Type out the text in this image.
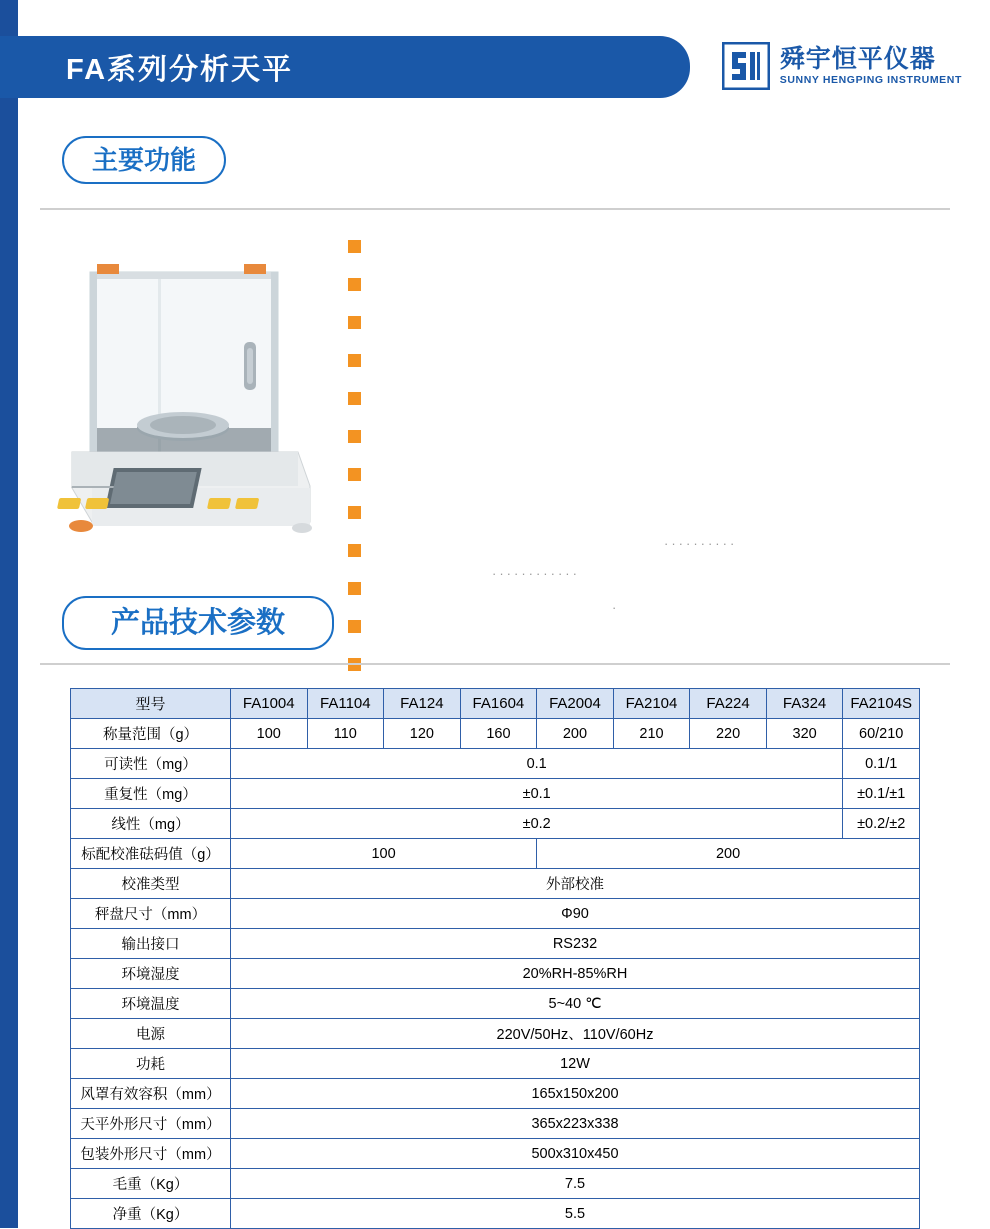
FA系列分析天平	舜宇恒平仪器
SUNNY HENGPING INSTRUMENT
主要功能
··········
············
·
产品技术参数
型号	FA1004	FA1104	FA124	FA1604	FA2004	FA2104	FA224	FA324	FA2104S
称量范围（g）	100	110	120	160	200	210	220	320	60/210
可读性（mg）	0.1								0.1/1
重复性（mg）	±0.1								±0.1/±1
线性（mg）	±0.2								±0.2/±2
标配校准砝码值（g）	100				200				
校准类型	外部校准								
秤盘尺寸（mm）	Φ90								
输出接口	RS232								
环境湿度	20%RH-85%RH								
环境温度	5~40 ℃								
电源	220V/50Hz、110V/60Hz								
功耗	12W								
风罩有效容积（mm）	165x150x200								
天平外形尺寸（mm）	365x223x338								
包装外形尺寸（mm）	500x310x450								
毛重（Kg）	7.5								
净重（Kg）	5.5								
